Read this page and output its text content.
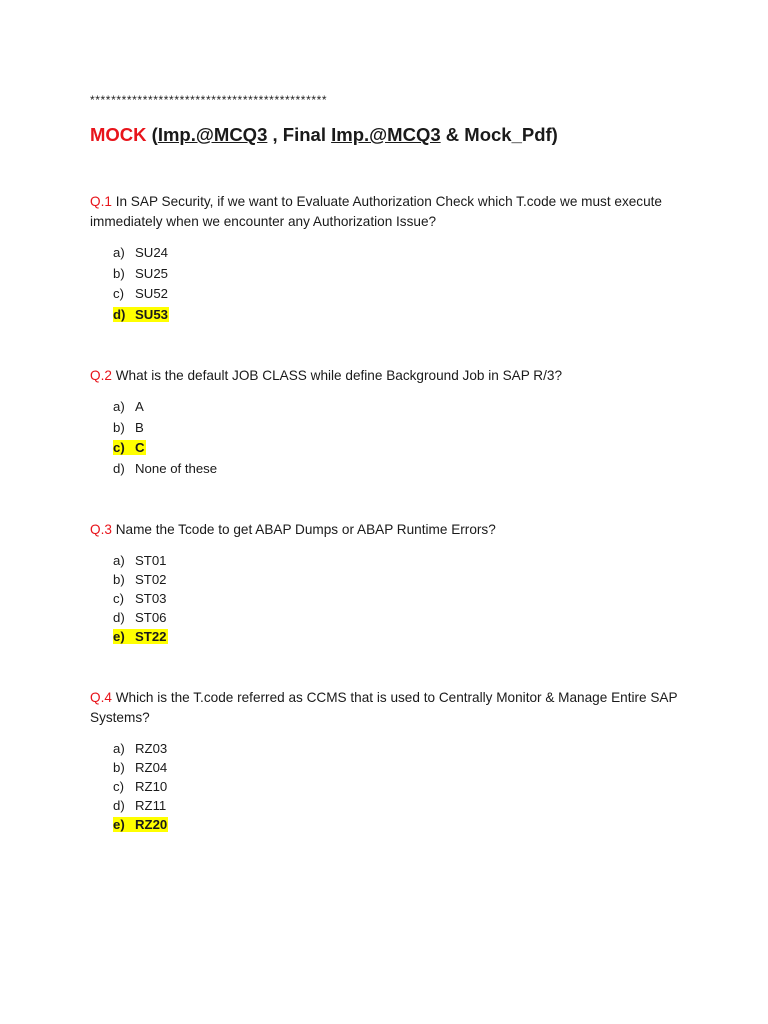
*********************************************
MOCK (Imp.@MCQ3 , Final Imp.@MCQ3 & Mock_Pdf)
Q.1 In SAP Security, if we want to Evaluate Authorization Check which T.code we must execute immediately when we encounter any Authorization Issue?
a) SU24
b) SU25
c) SU52
d) SU53
Q.2 What is the default JOB CLASS while define Background Job in SAP R/3?
a) A
b) B
c) C
d) None of these
Q.3 Name the Tcode to get ABAP Dumps or ABAP Runtime Errors?
a) ST01
b) ST02
c) ST03
d) ST06
e) ST22
Q.4 Which is the T.code referred as CCMS that is used to Centrally Monitor & Manage Entire SAP Systems?
a) RZ03
b) RZ04
c) RZ10
d) RZ11
e) RZ20
